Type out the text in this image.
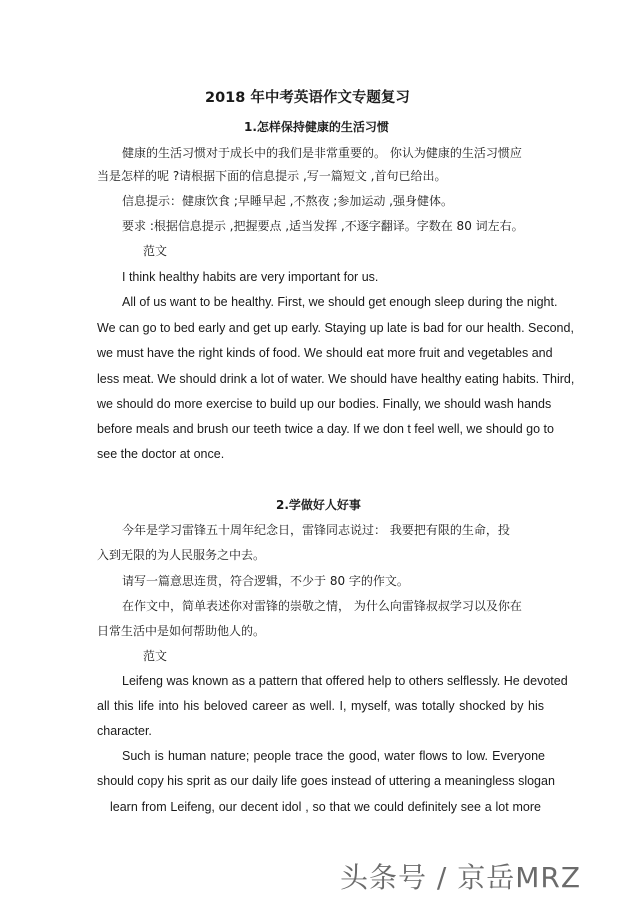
2018 年中考英语作文专题复习
1.怎样保持健康的生活习惯
健康的生活习惯对于成长中的我们是非常重要的。 你认为健康的生活习惯应
当是怎样的呢 ?请根据下面的信息提示 ,写一篇短文 ,首句已给出。
信息提示：健康饮食 ;早睡早起 ,不熬夜 ;参加运动 ,强身健体。
要求 :根据信息提示 ,把握要点 ,适当发挥 ,不逐字翻译。字数在 80 词左右。
范文
I think healthy habits are very important for us.
All of us want to be healthy. First, we should get enough sleep during the night.
We can go to bed early and get up early. Staying up late is bad for our health. Second,
we must have the right kinds of food. We should eat more fruit and vegetables and
less meat. We should drink a lot of water. We should have healthy eating habits. Third,
we should do more exercise to build up our bodies. Finally, we should wash hands
before meals and brush our teeth twice a day. If we don t feel well, we should go to
see the doctor at once.
2.学做好人好事
今年是学习雷锋五十周年纪念日，雷锋同志说过： 我要把有限的生命，投
入到无限的为人民服务之中去。
请写一篇意思连贯，符合逻辑，不少于 80 字的作文。
在作文中，简单表述你对雷锋的崇敬之情， 为什么向雷锋叔叔学习以及你在
日常生活中是如何帮助他人的。
范文
Leifeng was known as a pattern that offered help to others selflessly. He devoted
all this life into his beloved career as well. I, myself, was totally shocked by his
character.
Such is human nature; people trace the good, water flows to low. Everyone
should copy his sprit as our daily life goes instead of uttering a meaningless slogan
learn from Leifeng, our decent idol , so that we could definitely see a lot more
头条号 / 京岳MRZ
